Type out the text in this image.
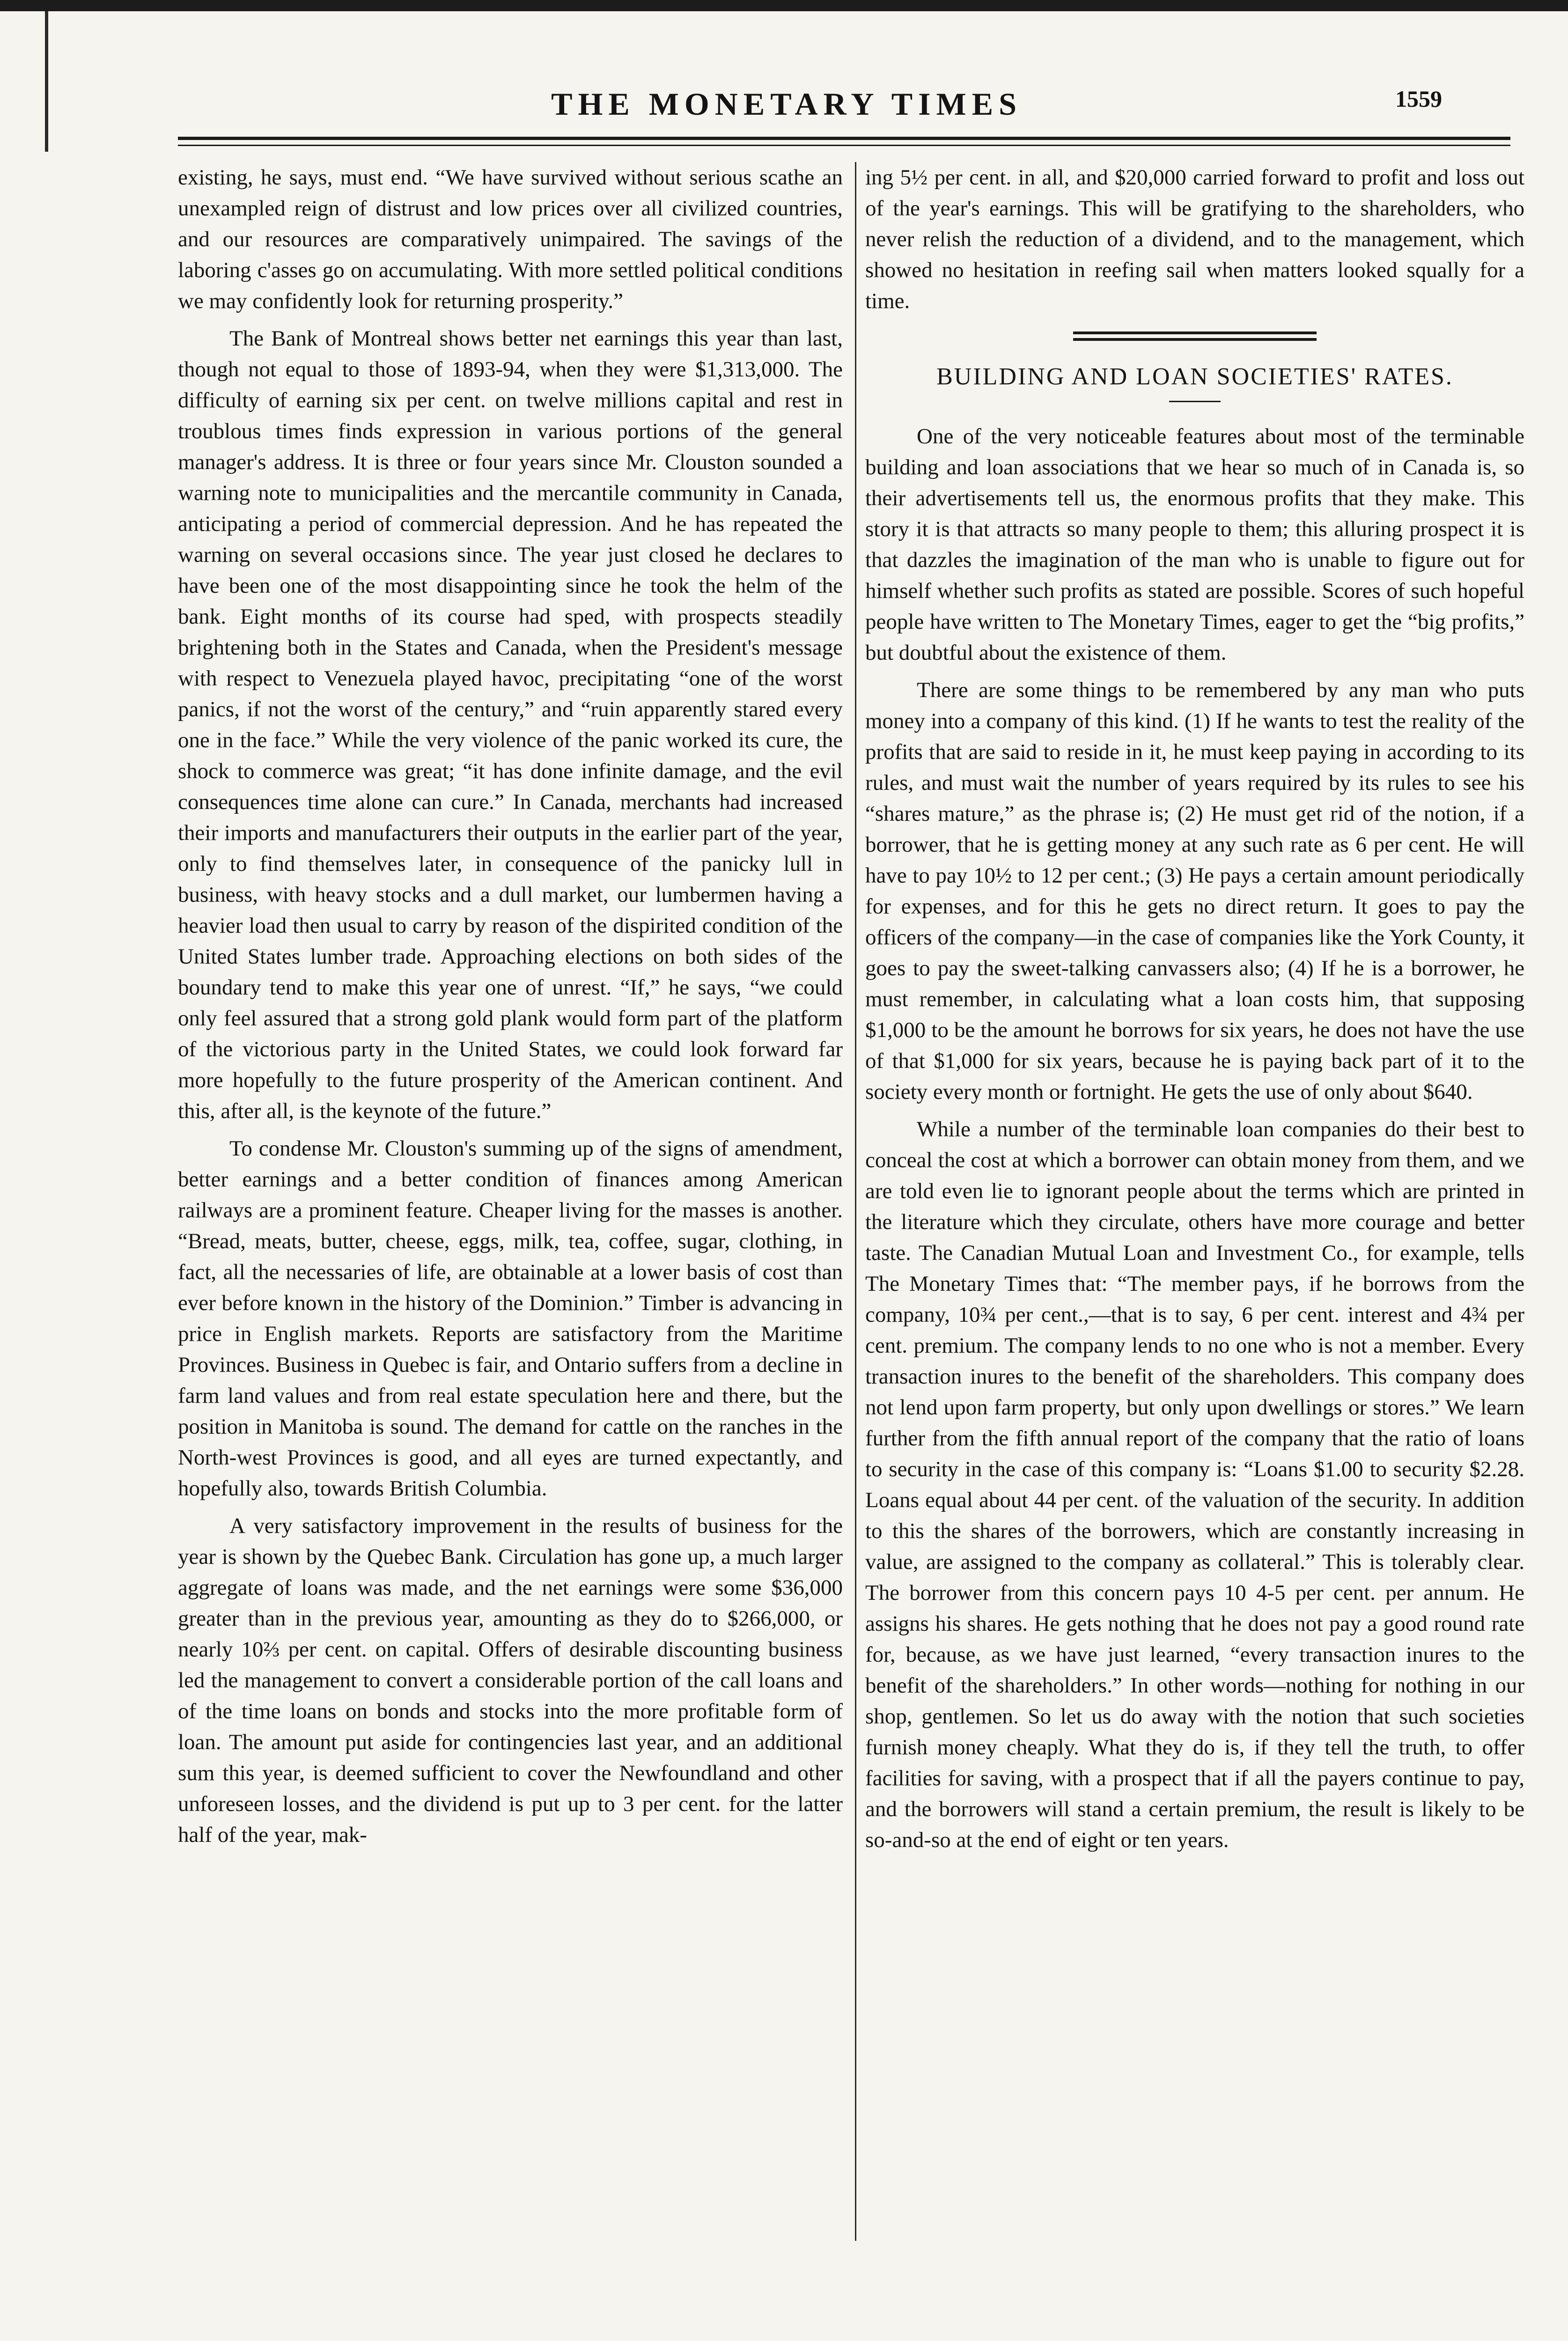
THE MONETARY TIMES	1559

existing, he says, must end. “We have survived without serious scathe an unexampled reign of distrust and low prices over all civilized countries, and our resources are comparatively unimpaired. The savings of the laboring c'asses go on accumulating. With more settled political conditions we may confidently look for returning prosperity.”

The Bank of Montreal shows better net earnings this year than last, though not equal to those of 1893-94, when they were $1,313,000. The difficulty of earning six per cent. on twelve millions capital and rest in troublous times finds expression in various portions of the general manager's address. It is three or four years since Mr. Clouston sounded a warning note to municipalities and the mercantile community in Canada, anticipating a period of commercial depression. And he has repeated the warning on several occasions since. The year just closed he declares to have been one of the most disappointing since he took the helm of the bank. Eight months of its course had sped, with prospects steadily brightening both in the States and Canada, when the President's message with respect to Venezuela played havoc, precipitating “one of the worst panics, if not the worst of the century,” and “ruin apparently stared every one in the face.” While the very violence of the panic worked its cure, the shock to commerce was great; “it has done infinite damage, and the evil consequences time alone can cure.” In Canada, merchants had increased their imports and manufacturers their outputs in the earlier part of the year, only to find themselves later, in consequence of the panicky lull in business, with heavy stocks and a dull market, our lumbermen having a heavier load then usual to carry by reason of the dispirited condition of the United States lumber trade. Approaching elections on both sides of the boundary tend to make this year one of unrest. “If,” he says, “we could only feel assured that a strong gold plank would form part of the platform of the victorious party in the United States, we could look forward far more hopefully to the future prosperity of the American continent. And this, after all, is the keynote of the future.”

To condense Mr. Clouston's summing up of the signs of amendment, better earnings and a better condition of finances among American railways are a prominent feature. Cheaper living for the masses is another. “Bread, meats, butter, cheese, eggs, milk, tea, coffee, sugar, clothing, in fact, all the necessaries of life, are obtainable at a lower basis of cost than ever before known in the history of the Dominion.” Timber is advancing in price in English markets. Reports are satisfactory from the Maritime Provinces. Business in Quebec is fair, and Ontario suffers from a decline in farm land values and from real estate speculation here and there, but the position in Manitoba is sound. The demand for cattle on the ranches in the North-west Provinces is good, and all eyes are turned expectantly, and hopefully also, towards British Columbia.

A very satisfactory improvement in the results of business for the year is shown by the Quebec Bank. Circulation has gone up, a much larger aggregate of loans was made, and the net earnings were some $36,000 greater than in the previous year, amounting as they do to $266,000, or nearly 10⅔ per cent. on capital. Offers of desirable discounting business led the management to convert a considerable portion of the call loans and of the time loans on bonds and stocks into the more profitable form of loan. The amount put aside for contingencies last year, and an additional sum this year, is deemed sufficient to cover the Newfoundland and other unforeseen losses, and the dividend is put up to 3 per cent. for the latter half of the year, mak-

ing 5½ per cent. in all, and $20,000 carried forward to profit and loss out of the year's earnings. This will be gratifying to the shareholders, who never relish the reduction of a dividend, and to the management, which showed no hesitation in reefing sail when matters looked squally for a time.

BUILDING AND LOAN SOCIETIES' RATES.

One of the very noticeable features about most of the terminable building and loan associations that we hear so much of in Canada is, so their advertisements tell us, the enormous profits that they make. This story it is that attracts so many people to them; this alluring prospect it is that dazzles the imagination of the man who is unable to figure out for himself whether such profits as stated are possible. Scores of such hopeful people have written to The Monetary Times, eager to get the “big profits,” but doubtful about the existence of them.

There are some things to be remembered by any man who puts money into a company of this kind. (1) If he wants to test the reality of the profits that are said to reside in it, he must keep paying in according to its rules, and must wait the number of years required by its rules to see his “shares mature,” as the phrase is; (2) He must get rid of the notion, if a borrower, that he is getting money at any such rate as 6 per cent. He will have to pay 10½ to 12 per cent.; (3) He pays a certain amount periodically for expenses, and for this he gets no direct return. It goes to pay the officers of the company—in the case of companies like the York County, it goes to pay the sweet-talking canvassers also; (4) If he is a borrower, he must remember, in calculating what a loan costs him, that supposing $1,000 to be the amount he borrows for six years, he does not have the use of that $1,000 for six years, because he is paying back part of it to the society every month or fortnight. He gets the use of only about $640.

While a number of the terminable loan companies do their best to conceal the cost at which a borrower can obtain money from them, and we are told even lie to ignorant people about the terms which are printed in the literature which they circulate, others have more courage and better taste. The Canadian Mutual Loan and Investment Co., for example, tells The Monetary Times that: “The member pays, if he borrows from the company, 10¾ per cent.,—that is to say, 6 per cent. interest and 4¾ per cent. premium. The company lends to no one who is not a member. Every transaction inures to the benefit of the shareholders. This company does not lend upon farm property, but only upon dwellings or stores.” We learn further from the fifth annual report of the company that the ratio of loans to security in the case of this company is: “Loans $1.00 to security $2.28. Loans equal about 44 per cent. of the valuation of the security. In addition to this the shares of the borrowers, which are constantly increasing in value, are assigned to the company as collateral.” This is tolerably clear. The borrower from this concern pays 10 4-5 per cent. per annum. He assigns his shares. He gets nothing that he does not pay a good round rate for, because, as we have just learned, “every transaction inures to the benefit of the shareholders.” In other words—nothing for nothing in our shop, gentlemen. So let us do away with the notion that such societies furnish money cheaply. What they do is, if they tell the truth, to offer facilities for saving, with a prospect that if all the payers continue to pay, and the borrowers will stand a certain premium, the result is likely to be so-and-so at the end of eight or ten years.
